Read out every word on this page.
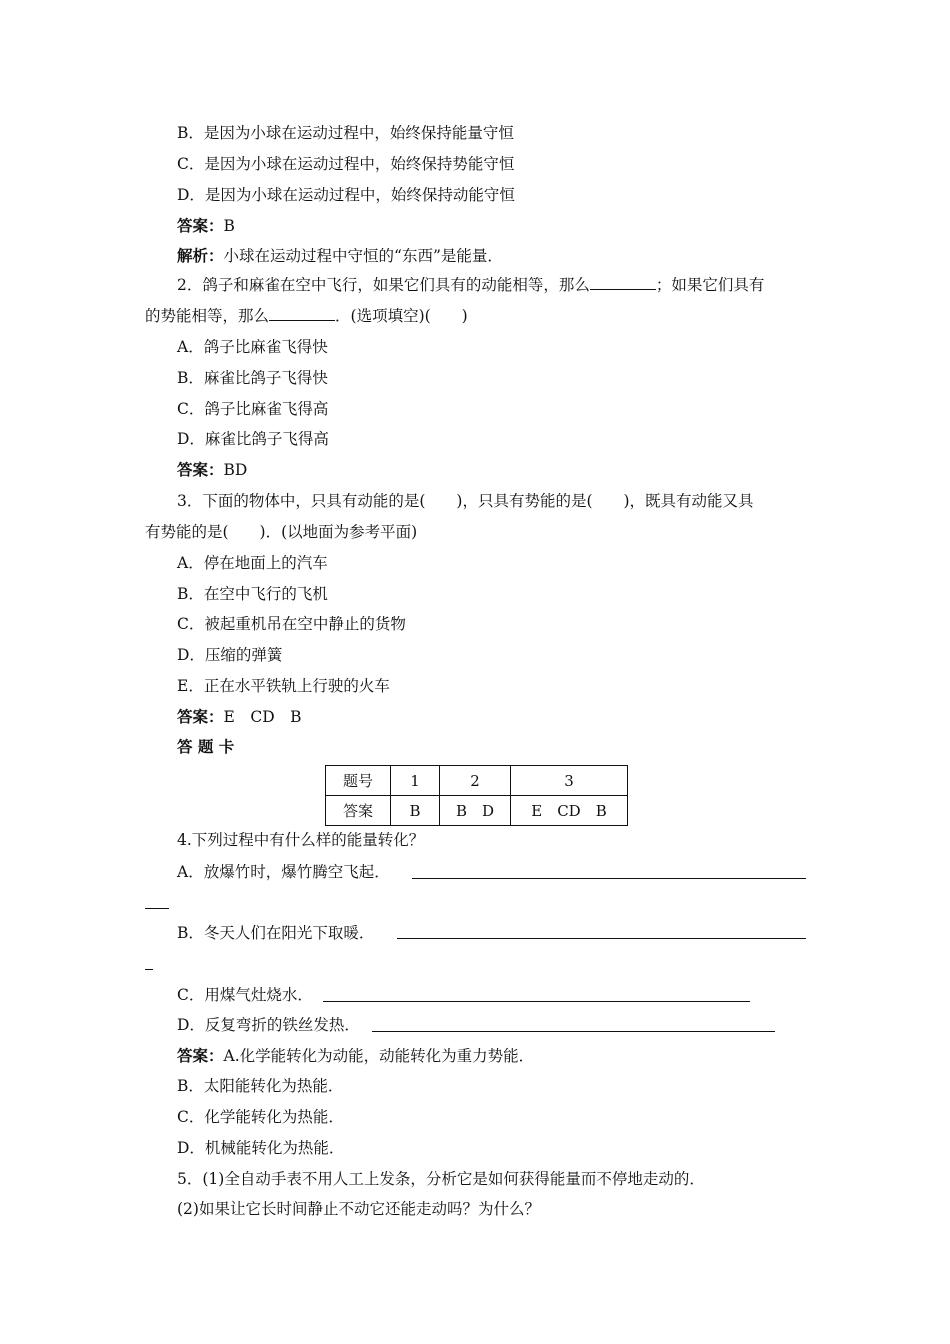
B．是因为小球在运动过程中，始终保持能量守恒
C．是因为小球在运动过程中，始终保持势能守恒
D．是因为小球在运动过程中，始终保持动能守恒
答案：B
解析：小球在运动过程中守恒的“东西”是能量．
2．鸽子和麻雀在空中飞行，如果它们具有的动能相等，那么	；如果它们具有
的势能相等，那么	．(选项填空)(　　)
A．鸽子比麻雀飞得快
B．麻雀比鸽子飞得快
C．鸽子比麻雀飞得高
D．麻雀比鸽子飞得高
答案：BD
3．下面的物体中，只具有动能的是(　　)，只具有势能的是(　　)，既具有动能又具
有势能的是(　　)．(以地面为参考平面)
A．停在地面上的汽车
B．在空中飞行的飞机
C．被起重机吊在空中静止的货物
D．压缩的弹簧
E．正在水平铁轨上行驶的火车
答案：E　CD　B
答 题 卡
题号	1	2	3
答案	B	B　D	E　CD　B
4.下列过程中有什么样的能量转化？
A．放爆竹时，爆竹腾空飞起．
B．冬天人们在阳光下取暖．
C．用煤气灶烧水．
D．反复弯折的铁丝发热．
答案：A.化学能转化为动能，动能转化为重力势能．
B．太阳能转化为热能．
C．化学能转化为热能．
D．机械能转化为热能．
5．(1)全自动手表不用人工上发条，分析它是如何获得能量而不停地走动的．
(2)如果让它长时间静止不动它还能走动吗？为什么？
